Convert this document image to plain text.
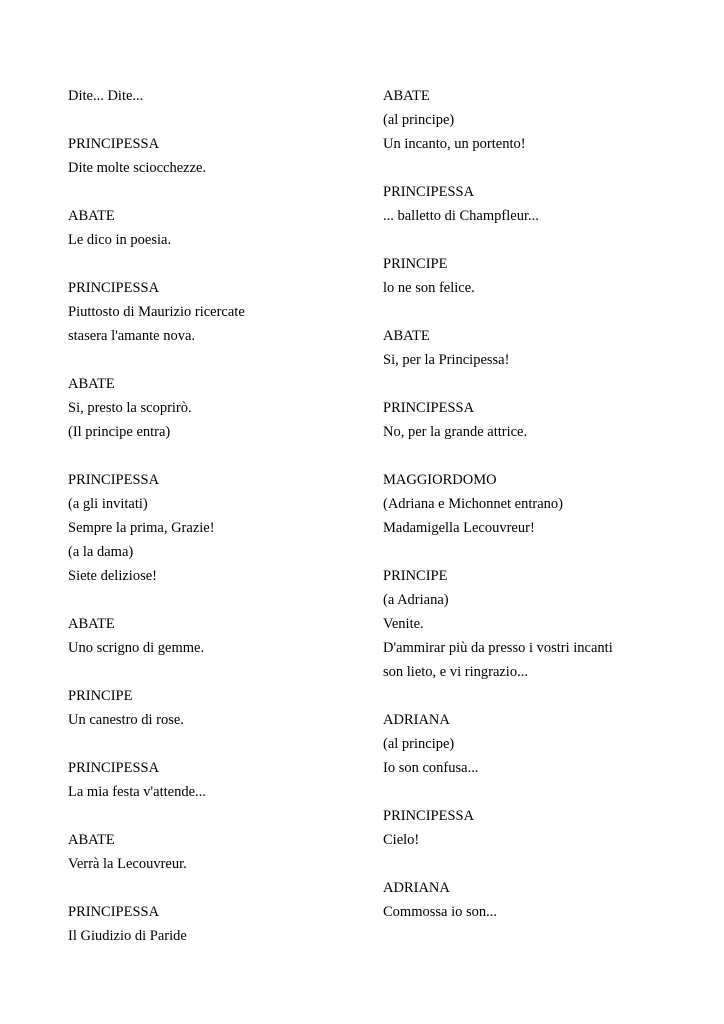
Dite... Dite...
PRINCIPESSA
Dite molte sciocchezze.
ABATE
Le dico in poesia.
PRINCIPESSA
Piuttosto di Maurizio ricercate
stasera l'amante nova.
ABATE
Si, presto la scoprirò.
(Il principe entra)
PRINCIPESSA
(a gli invitati)
Sempre la prima, Grazie!
(a la dama)
Siete deliziose!
ABATE
Uno scrigno di gemme.
PRINCIPE
Un canestro di rose.
PRINCIPESSA
La mia festa v'attende...
ABATE
Verrà la Lecouvreur.
PRINCIPESSA
Il Giudizio di Paride
ABATE
(al principe)
Un incanto, un portento!
PRINCIPESSA
... balletto di Champfleur...
PRINCIPE
lo ne son felice.
ABATE
Si, per la Principessa!
PRINCIPESSA
No, per la grande attrice.
MAGGIORDOMO
(Adriana e Michonnet entrano)
Madamigella Lecouvreur!
PRINCIPE
(a Adriana)
Venite.
D'ammirar più da presso i vostri incanti
son lieto, e vi ringrazio...
ADRIANA
(al principe)
Io son confusa...
PRINCIPESSA
Cielo!
ADRIANA
Commossa io son...
